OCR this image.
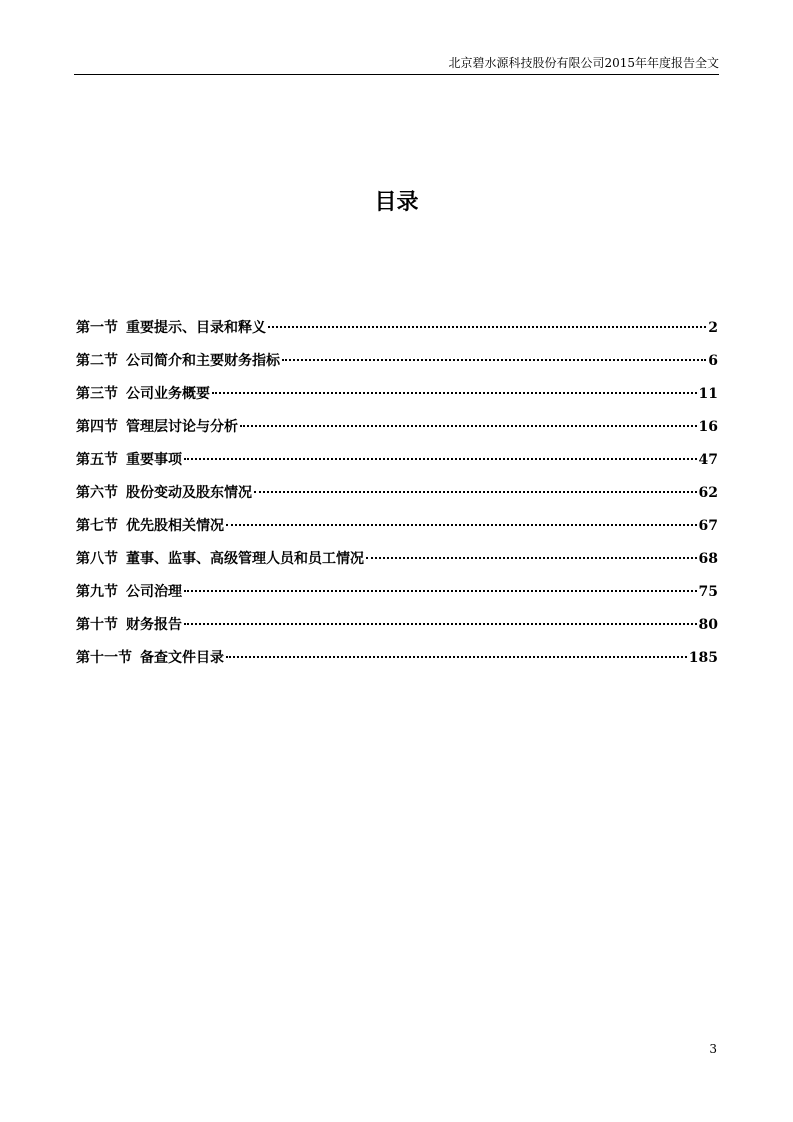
北京碧水源科技股份有限公司2015年年度报告全文
目录
第一节 重要提示、目录和释义	2
第二节 公司简介和主要财务指标	6
第三节 公司业务概要	11
第四节 管理层讨论与分析	16
第五节 重要事项	47
第六节 股份变动及股东情况	62
第七节 优先股相关情况	67
第八节 董事、监事、高级管理人员和员工情况	68
第九节 公司治理	75
第十节 财务报告	80
第十一节 备查文件目录	185
3
